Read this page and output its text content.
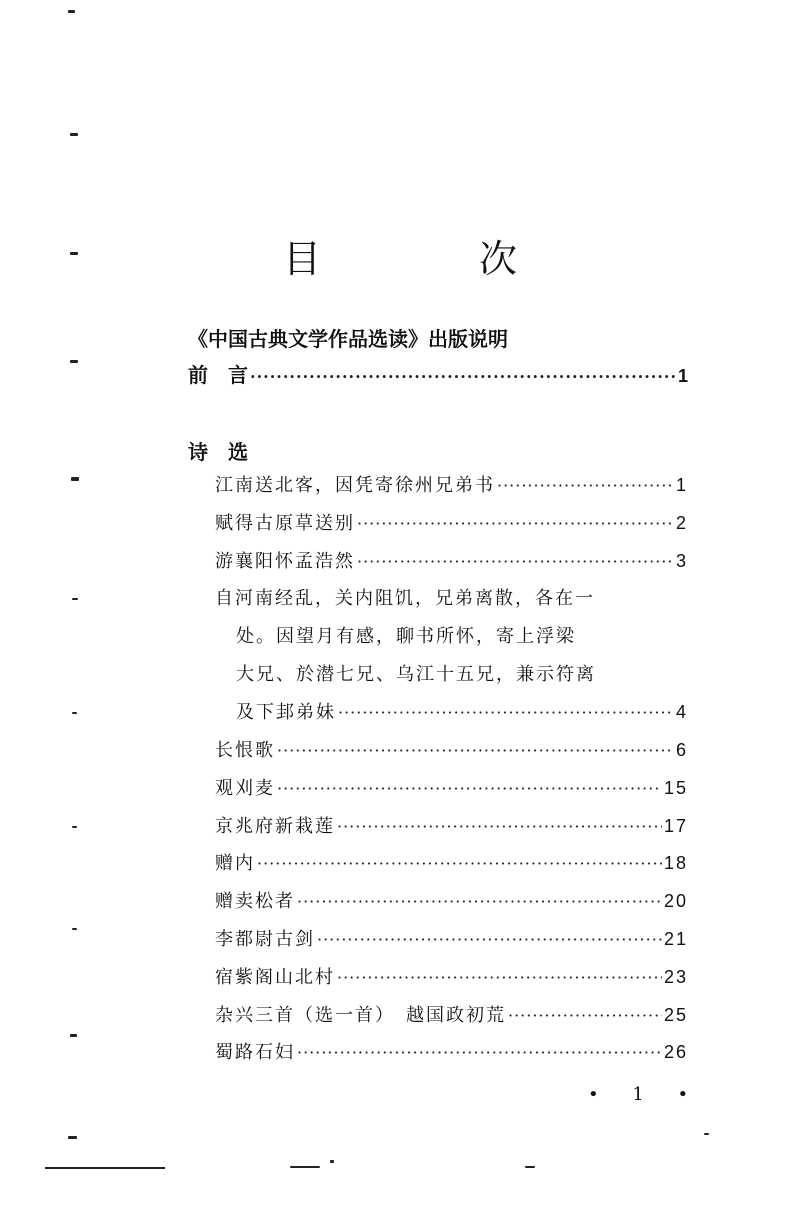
目　次
《中国古典文学作品选读》出版说明
前　言 ·····	1
诗　选
江南送北客，因凭寄徐州兄弟书 ·····	1
赋得古原草送别 ·····	2
游襄阳怀孟浩然 ·····	3
自河南经乱，关内阻饥，兄弟离散，各在一
处。因望月有感，聊书所怀，寄上浮梁
大兄、於潜七兄、乌江十五兄，兼示符离
及下邽弟妹 ·····	4
长恨歌 ·····	6
观刈麦 ·····	15
京兆府新栽莲 ·····	17
赠内 ·····	18
赠卖松者 ·····	20
李都尉古剑 ·····	21
宿紫阁山北村 ·····	23
杂兴三首（选一首）　越国政初荒 ·····	25
蜀路石妇 ·····	26
• 1 •
